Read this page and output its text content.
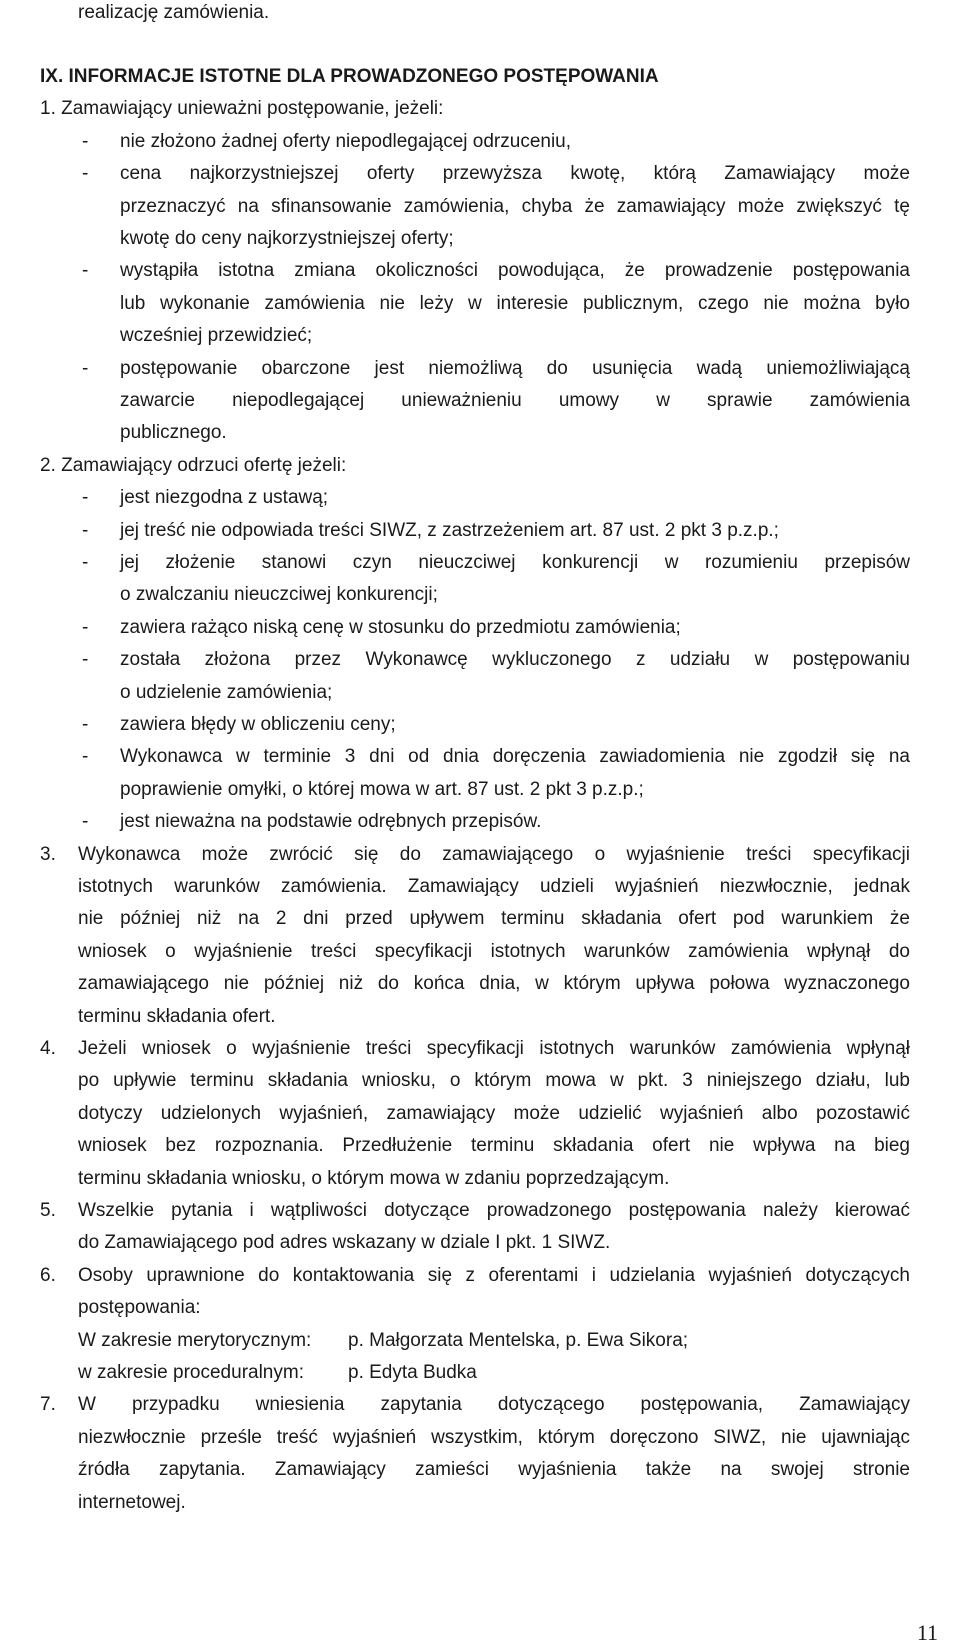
realizację zamówienia.
IX. INFORMACJE ISTOTNE DLA PROWADZONEGO POSTĘPOWANIA
1. Zamawiający unieważni postępowanie, jeżeli:
- nie złożono żadnej oferty niepodlegającej odrzuceniu,
- cena najkorzystniejszej oferty przewyższa kwotę, którą Zamawiający może
przeznaczyć na sfinansowanie zamówienia, chyba że zamawiający może zwiększyć tę
kwotę do ceny najkorzystniejszej oferty;
- wystąpiła istotna zmiana okoliczności powodująca, że prowadzenie postępowania
lub wykonanie zamówienia nie leży w interesie publicznym, czego nie można było
wcześniej przewidzieć;
- postępowanie obarczone jest niemożliwą do usunięcia wadą uniemożliwiającą
zawarcie niepodlegającej unieważnieniu umowy w sprawie zamówienia
publicznego.
2. Zamawiający odrzuci ofertę jeżeli:
- jest niezgodna z ustawą;
- jej treść nie odpowiada treści SIWZ, z zastrzeżeniem art. 87 ust. 2 pkt 3 p.z.p.;
- jej złożenie stanowi czyn nieuczciwej konkurencji w rozumieniu przepisów
o zwalczaniu nieuczciwej konkurencji;
- zawiera rażąco niską cenę w stosunku do przedmiotu zamówienia;
- została złożona przez Wykonawcę wykluczonego z udziału w postępowaniu
o udzielenie zamówienia;
- zawiera błędy w obliczeniu ceny;
- Wykonawca w terminie 3 dni od dnia doręczenia zawiadomienia nie zgodził się na
poprawienie omyłki, o której mowa w art. 87 ust. 2 pkt 3 p.z.p.;
- jest nieważna na podstawie odrębnych przepisów.
3. Wykonawca może zwrócić się do zamawiającego o wyjaśnienie treści specyfikacji
istotnych warunków zamówienia. Zamawiający udzieli wyjaśnień niezwłocznie, jednak
nie później niż na 2 dni przed upływem terminu składania ofert pod warunkiem że
wniosek o wyjaśnienie treści specyfikacji istotnych warunków zamówienia wpłynął do
zamawiającego nie później niż do końca dnia, w którym upływa połowa wyznaczonego
terminu składania ofert.
4. Jeżeli wniosek o wyjaśnienie treści specyfikacji istotnych warunków zamówienia wpłynął
po upływie terminu składania wniosku, o którym mowa w pkt. 3 niniejszego działu, lub
dotyczy udzielonych wyjaśnień, zamawiający może udzielić wyjaśnień albo pozostawić
wniosek bez rozpoznania. Przedłużenie terminu składania ofert nie wpływa na bieg
terminu składania wniosku, o którym mowa w zdaniu poprzedzającym.
5. Wszelkie pytania i wątpliwości dotyczące prowadzonego postępowania należy kierować
do Zamawiającego pod adres wskazany w dziale I pkt. 1 SIWZ.
6. Osoby uprawnione do kontaktowania się z oferentami i udzielania wyjaśnień dotyczących
postępowania:
W zakresie merytorycznym: p. Małgorzata Mentelska, p. Ewa Sikora;
w zakresie proceduralnym: p. Edyta Budka
7. W przypadku wniesienia zapytania dotyczącego postępowania, Zamawiający
niezwłocznie prześle treść wyjaśnień wszystkim, którym doręczono SIWZ, nie ujawniając
źródła zapytania. Zamawiający zamieści wyjaśnienia także na swojej stronie
internetowej.
11
